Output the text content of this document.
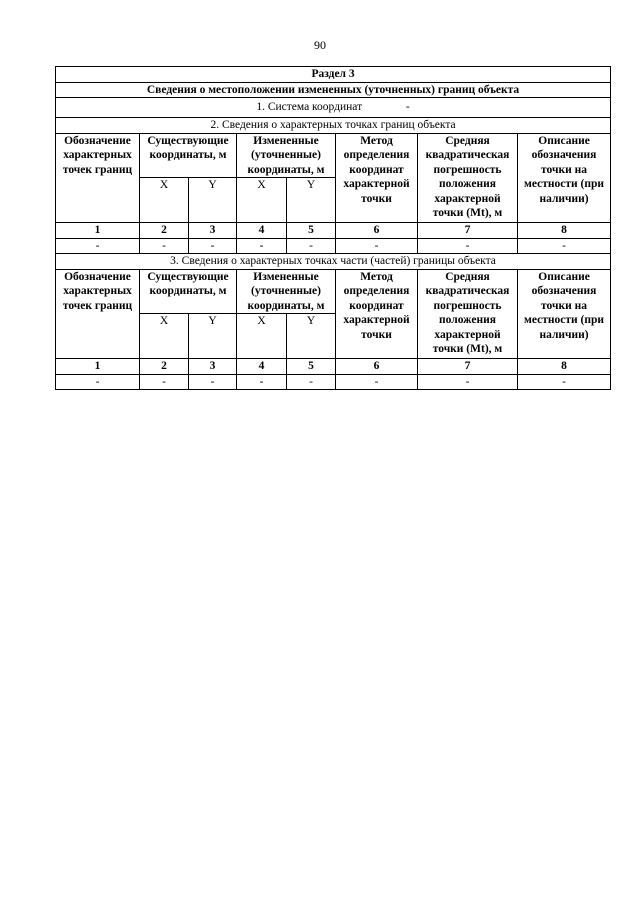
90
Раздел 3							
Сведения о местоположении измененных (уточненных) границ объекта							
1. Система координат -							
2. Сведения о характерных точках границ объекта							
Обозначение характерных точек границ	Существующие координаты, м		Измененные (уточненные) координаты, м		Метод определения координат характерной точки	Средняя квадратическая погрешность положения характерной точки (Mt), м	Описание обозначения точки на местности (при наличии)
	X	Y	X	Y			
1	2	3	4	5	6	7	8
-	-	-	-	-	-	-	-
3. Сведения о характерных точках части (частей) границы объекта							
Обозначение характерных точек границ	Существующие координаты, м		Измененные (уточненные) координаты, м		Метод определения координат характерной точки	Средняя квадратическая погрешность положения характерной точки (Mt), м	Описание обозначения точки на местности (при наличии)
	X	Y	X	Y			
1	2	3	4	5	6	7	8
-	-	-	-	-	-	-	-
